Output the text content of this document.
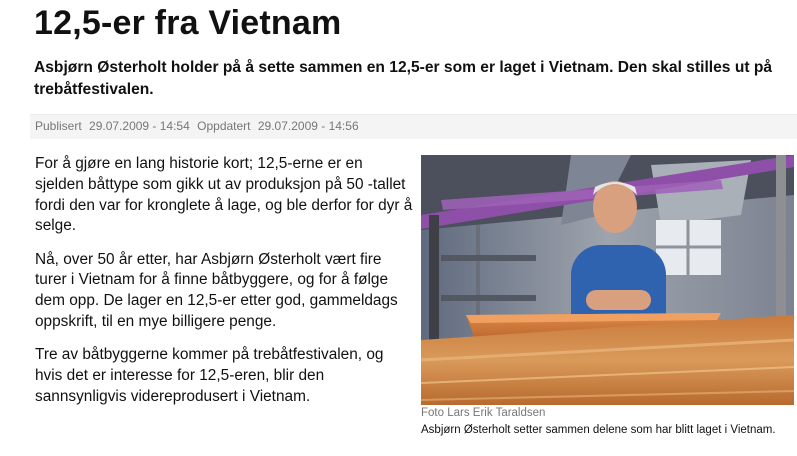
12,5-er fra Vietnam
Asbjørn Østerholt holder på å sette sammen en 12,5-er som er laget i Vietnam. Den skal stilles ut på trebåtfestivalen.
Publisert 29.07.2009 - 14:54 Oppdatert 29.07.2009 - 14:56

For å gjøre en lang historie kort; 12,5-erne er en sjelden båttype som gikk ut av produksjon på 50 -tallet fordi den var for kronglete å lage, og ble derfor for dyr å selge.

Nå, over 50 år etter, har Asbjørn Østerholt vært fire turer i Vietnam for å finne båtbyggere, og for å følge dem opp. De lager en 12,5-er etter god, gammeldags oppskrift, til en mye billigere penge.

Tre av båtbyggerne kommer på trebåtfestivalen, og hvis det er interesse for 12,5-eren, blir den sannsynligvis videreprodusert i Vietnam.

Foto Lars Erik Taraldsen
Asbjørn Østerholt setter sammen delene som har blitt laget i Vietnam.
